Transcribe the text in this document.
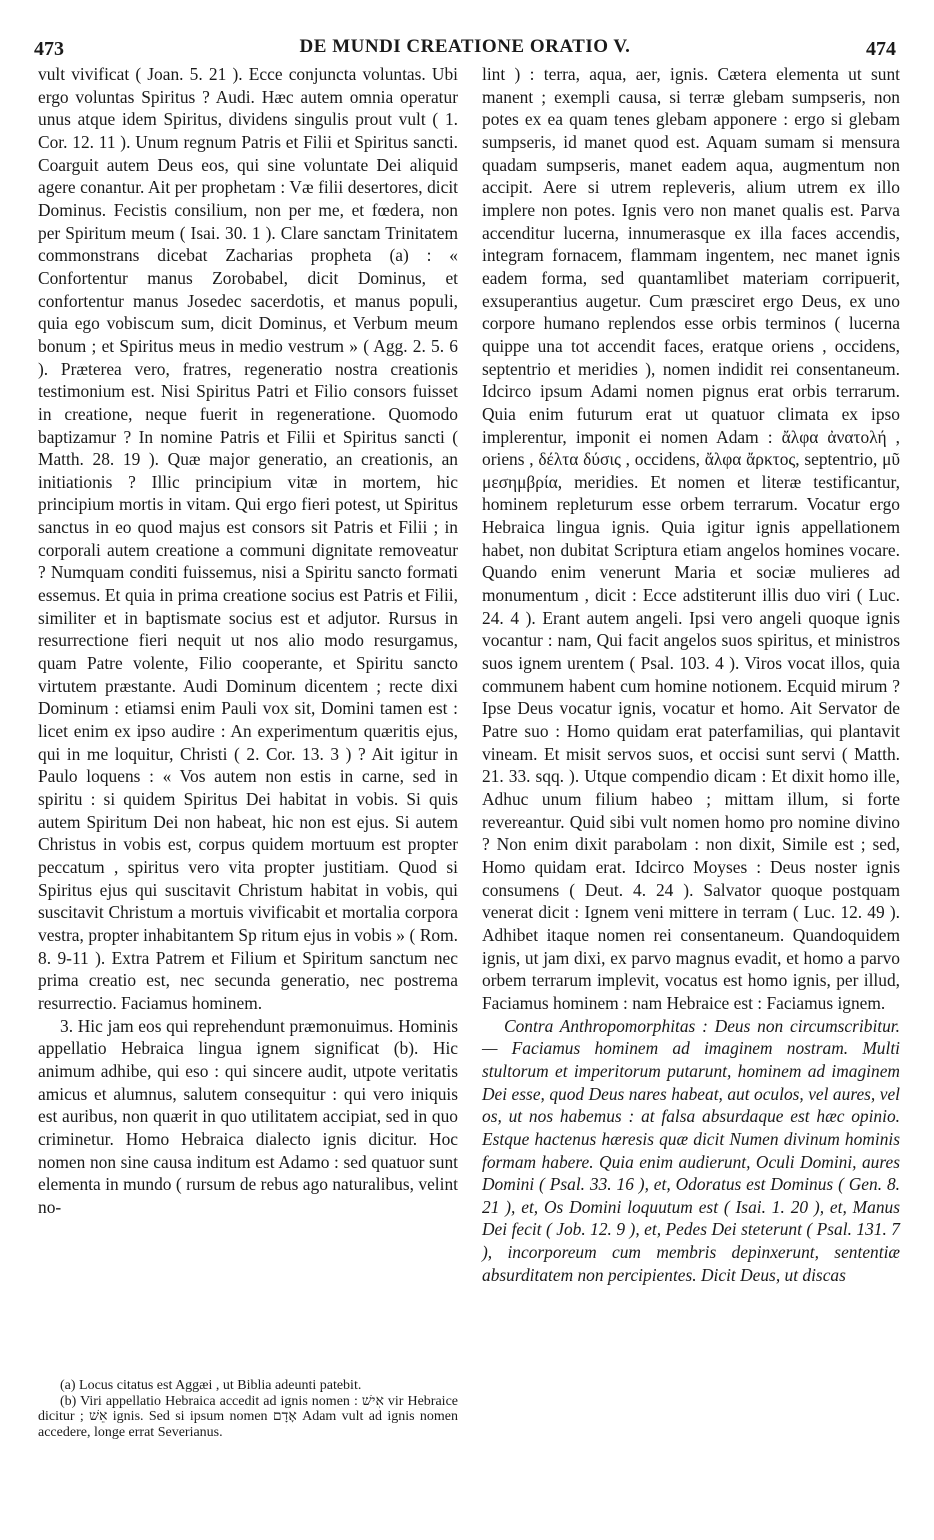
473	DE MUNDI CREATIONE ORATIO V.	474

vult vivificat ( Joan. 5. 21 ). Ecce conjuncta voluntas. Ubi ergo voluntas Spiritus ? Audi. Hæc autem omnia operatur unus atque idem Spiritus, dividens singulis prout vult ( 1. Cor. 12. 11 ). Unum regnum Patris et Filii et Spiritus sancti. Coarguit autem Deus eos, qui sine voluntate Dei aliquid agere conantur. Ait per prophetam : Væ filii desertores, dicit Dominus. Fecistis consilium, non per me, et fœdera, non per Spiritum meum ( Isai. 30. 1 ). Clare sanctam Trinitatem commonstrans dicebat Zacharias propheta (a) : « Confortentur manus Zorobabel, dicit Dominus, et confortentur manus Josedec sacerdotis, et manus populi, quia ego vobiscum sum, dicit Dominus, et Verbum meum bonum ; et Spiritus meus in medio vestrum » ( Agg. 2. 5. 6 ). Præterea vero, fratres, regeneratio nostra creationis testimonium est. Nisi Spiritus Patri et Filio consors fuisset in creatione, neque fuerit in regeneratione. Quomodo baptizamur ? In nomine Patris et Filii et Spiritus sancti ( Matth. 28. 19 ). Quæ major generatio, an creationis, an initiationis ? Illic principium vitæ in mortem, hic principium mortis in vitam. Qui ergo fieri potest, ut Spiritus sanctus in eo quod majus est consors sit Patris et Filii ; in corporali autem creatione a communi dignitate removeatur ? Numquam conditi fuissemus, nisi a Spiritu sancto formati essemus. Et quia in prima creatione socius est Patris et Filii, similiter et in baptismate socius est et adjutor. Rursus in resurrectione fieri nequit ut nos alio modo resurgamus, quam Patre volente, Filio cooperante, et Spiritu sancto virtutem præstante. Audi Dominum dicentem ; recte dixi Dominum : etiamsi enim Pauli vox sit, Domini tamen est : licet enim ex ipso audire : An experimentum quæritis ejus, qui in me loquitur, Christi ( 2. Cor. 13. 3 ) ? Ait igitur in Paulo loquens : « Vos autem non estis in carne, sed in spiritu : si quidem Spiritus Dei habitat in vobis. Si quis autem Spiritum Dei non habeat, hic non est ejus. Si autem Christus in vobis est, corpus quidem mortuum est propter peccatum , spiritus vero vita propter justitiam. Quod si Spiritus ejus qui suscitavit Christum habitat in vobis, qui suscitavit Christum a mortuis vivificabit et mortalia corpora vestra, propter inhabitantem Sp ritum ejus in vobis » ( Rom. 8. 9-11 ). Extra Patrem et Filium et Spiritum sanctum nec prima creatio est, nec secunda generatio, nec postrema resurrectio. Faciamus hominem.

3. Hic jam eos qui reprehendunt præmonuimus. Hominis appellatio Hebraica lingua ignem significat (b). Hic animum adhibe, qui eso : qui sincere audit, utpote veritatis amicus et alumnus, salutem consequitur : qui vero iniquis est auribus, non quærit in quo utilitatem accipiat, sed in quo criminetur. Homo Hebraica dialecto ignis dicitur. Hoc nomen non sine causa inditum est Adamo : sed quatuor sunt elementa in mundo ( rursum de rebus ago naturalibus, velint no-

lint ) : terra, aqua, aer, ignis. Cætera elementa ut sunt manent ; exempli causa, si terræ glebam sumpseris, non potes ex ea quam tenes glebam apponere : ergo si glebam sumpseris, id manet quod est. Aquam sumam si mensura quadam sumpseris, manet eadem aqua, augmentum non accipit. Aere si utrem repleveris, alium utrem ex illo implere non potes. Ignis vero non manet qualis est. Parva accenditur lucerna, innumerasque ex illa faces accendis, integram fornacem, flammam ingentem, nec manet ignis eadem forma, sed quantamlibet materiam corripuerit, exsuperantius augetur. Cum præsciret ergo Deus, ex uno corpore humano replendos esse orbis terminos ( lucerna quippe una tot accendit faces, eratque oriens , occidens, septentrio et meridies ), nomen indidit rei consentaneum. Idcirco ipsum Adami nomen pignus erat orbis terrarum. Quia enim futurum erat ut quatuor climata ex ipso implerentur, imponit ei nomen Adam : ἄλφα ἀνατολή , oriens , δέλτα δύσις , occidens, ἄλφα ἄρκτος, septentrio, μῦ μεσημβρία, meridies. Et nomen et literæ testificantur, hominem repleturum esse orbem terrarum. Vocatur ergo Hebraica lingua ignis. Quia igitur ignis appellationem habet, non dubitat Scriptura etiam angelos homines vocare. Quando enim venerunt Maria et sociæ mulieres ad monumentum , dicit : Ecce adstiterunt illis duo viri ( Luc. 24. 4 ). Erant autem angeli. Ipsi vero angeli quoque ignis vocantur : nam, Qui facit angelos suos spiritus, et ministros suos ignem urentem ( Psal. 103. 4 ). Viros vocat illos, quia communem habent cum homine notionem. Ecquid mirum ? Ipse Deus vocatur ignis, vocatur et homo. Ait Servator de Patre suo : Homo quidam erat paterfamilias, qui plantavit vineam. Et misit servos suos, et occisi sunt servi ( Matth. 21. 33. sqq. ). Utque compendio dicam : Et dixit homo ille, Adhuc unum filium habeo ; mittam illum, si forte revereantur. Quid sibi vult nomen homo pro nomine divino ? Non enim dixit parabolam : non dixit, Simile est ; sed, Homo quidam erat. Idcirco Moyses : Deus noster ignis consumens ( Deut. 4. 24 ). Salvator quoque postquam venerat dicit : Ignem veni mittere in terram ( Luc. 12. 49 ). Adhibet itaque nomen rei consentaneum. Quandoquidem ignis, ut jam dixi, ex parvo magnus evadit, et homo a parvo orbem terrarum implevit, vocatus est homo ignis, per illud, Faciamus hominem : nam Hebraice est : Faciamus ignem.

Contra Anthropomorphitas : Deus non circumscribitur. — Faciamus hominem ad imaginem nostram. Multi stultorum et imperitorum putarunt, hominem ad imaginem Dei esse, quod Deus nares habeat, aut oculos, vel aures, vel os, ut nos habemus : at falsa absurdaque est hæc opinio. Estque hactenus hæresis quæ dicit Numen divinum hominis formam habere. Quia enim audierunt, Oculi Domini, aures Domini ( Psal. 33. 16 ), et, Odoratus est Dominus ( Gen. 8. 21 ), et, Os Domini loquutum est ( Isai. 1. 20 ), et, Manus Dei fecit ( Job. 12. 9 ), et, Pedes Dei steterunt ( Psal. 131. 7 ), incorporeum cum membris depinxerunt, sententiæ absurditatem non percipientes. Dicit Deus, ut discas

(a) Locus citatus est Aggæi , ut Biblia adeunti patebit.

(b) Viri appellatio Hebraica accedit ad ignis nomen : אִישׁ vir Hebraice dicitur ; אֵשׁ ignis. Sed si ipsum nomen אָדָם Adam vult ad ignis nomen accedere, longe errat Severianus.
